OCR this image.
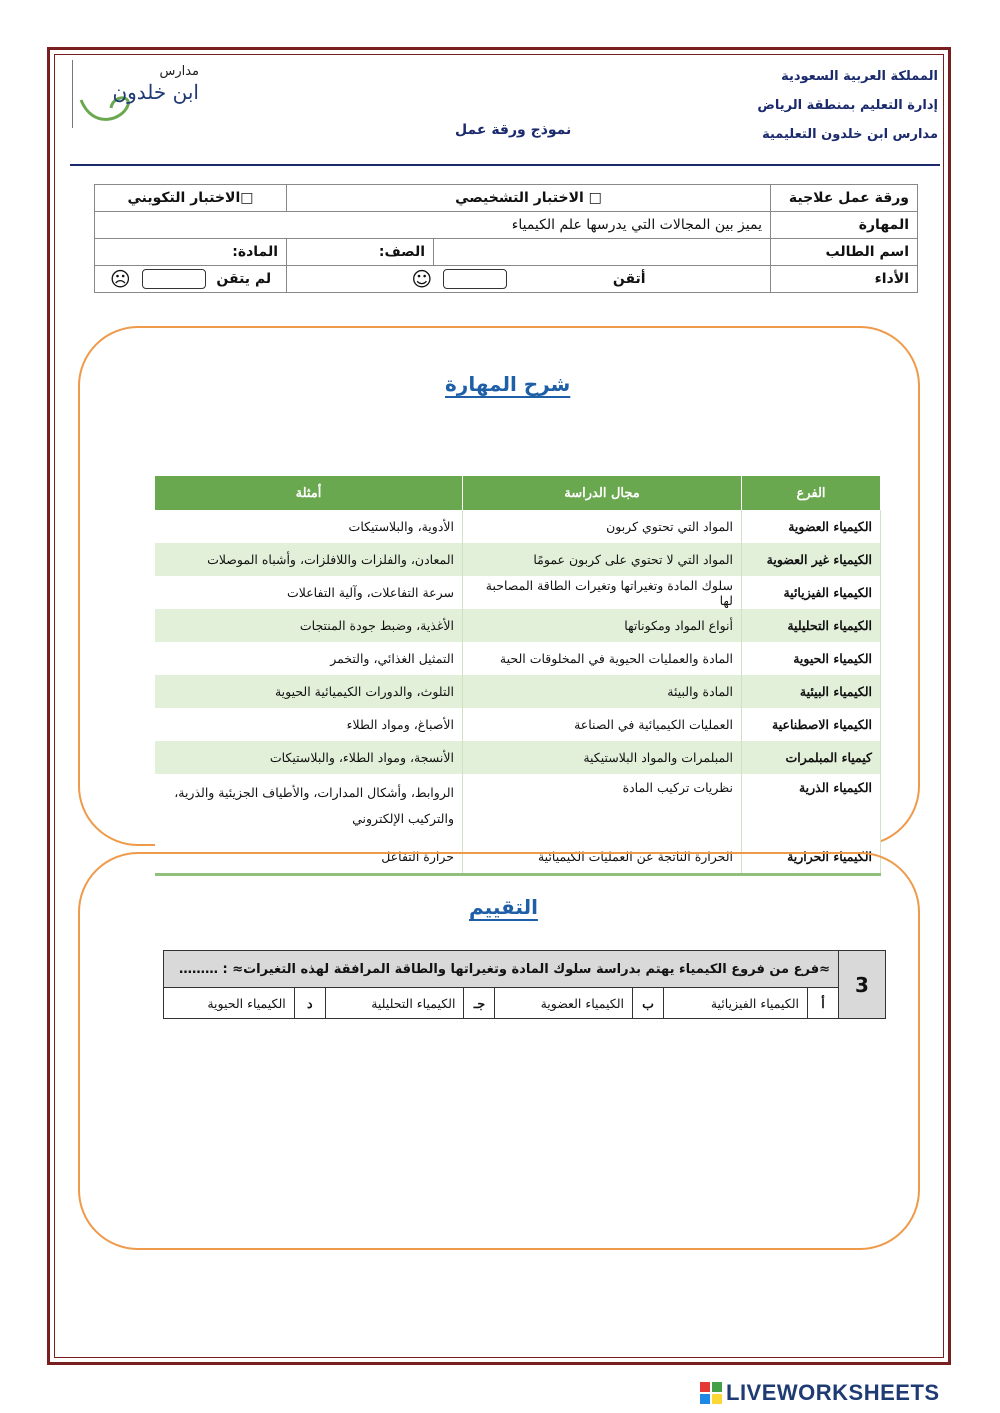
مدارس
ابن خلدون
المملكة العربية السعودية
إدارة التعليم بمنطقة الرياض
مدارس ابن خلدون التعليمية
نموذج ورقة عمل
ورقة عمل علاجية	□ الاختبار التشخيصي		□الاختبار التكويني
المهارة	يميز بين المجالات التي يدرسها علم الكيمياء		
اسم الطالب		الصف:	المادة:
الأداء	أتقن   ☺		لم يتقن  ☹
شرح المهارة
الفرع	مجال الدراسة	أمثلة
الكيمياء العضوية	المواد التي تحتوي كربون	الأدوية، والبلاستيكات
الكيمياء غير العضوية	المواد التي لا تحتوي على كربون عمومًا	المعادن، والفلزات واللافلزات، وأشباه الموصلات
الكيمياء الفيزيائية	سلوك المادة وتغيراتها وتغيرات الطاقة المصاحبة لها	سرعة التفاعلات، وآلية التفاعلات
الكيمياء التحليلية	أنواع المواد ومكوناتها	الأغذية، وضبط جودة المنتجات
الكيمياء الحيوية	المادة والعمليات الحيوية في المخلوقات الحية	التمثيل الغذائي، والتخمر
الكيمياء البيئية	المادة والبيئة	التلوث، والدورات الكيميائية الحيوية
الكيمياء الاصطناعية	العمليات الكيميائية في الصناعة	الأصباغ، ومواد الطلاء
كيمياء المبلمرات	المبلمرات والمواد البلاستيكية	الأنسجة، ومواد الطلاء، والبلاستيكات
الكيمياء الذرية	نظريات تركيب المادة	الروابط، وأشكال المدارات، والأطياف الجزيئية والذرية، والتركيب الإلكتروني
الكيمياء الحرارية	الحرارة الناتجة عن العمليات الكيميائية	حرارة التفاعل
التقييم
3	≈فرع من فروع الكيمياء يهتم بدراسة سلوك المادة وتغيراتها والطاقة المرافقة لهذه التغيرات≈ : ………							
	أ	الكيمياء الفيزيائية	ب	الكيمياء العضوية	جـ	الكيمياء التحليلية	د	الكيمياء الحيوية
LIVEWORKSHEETS
